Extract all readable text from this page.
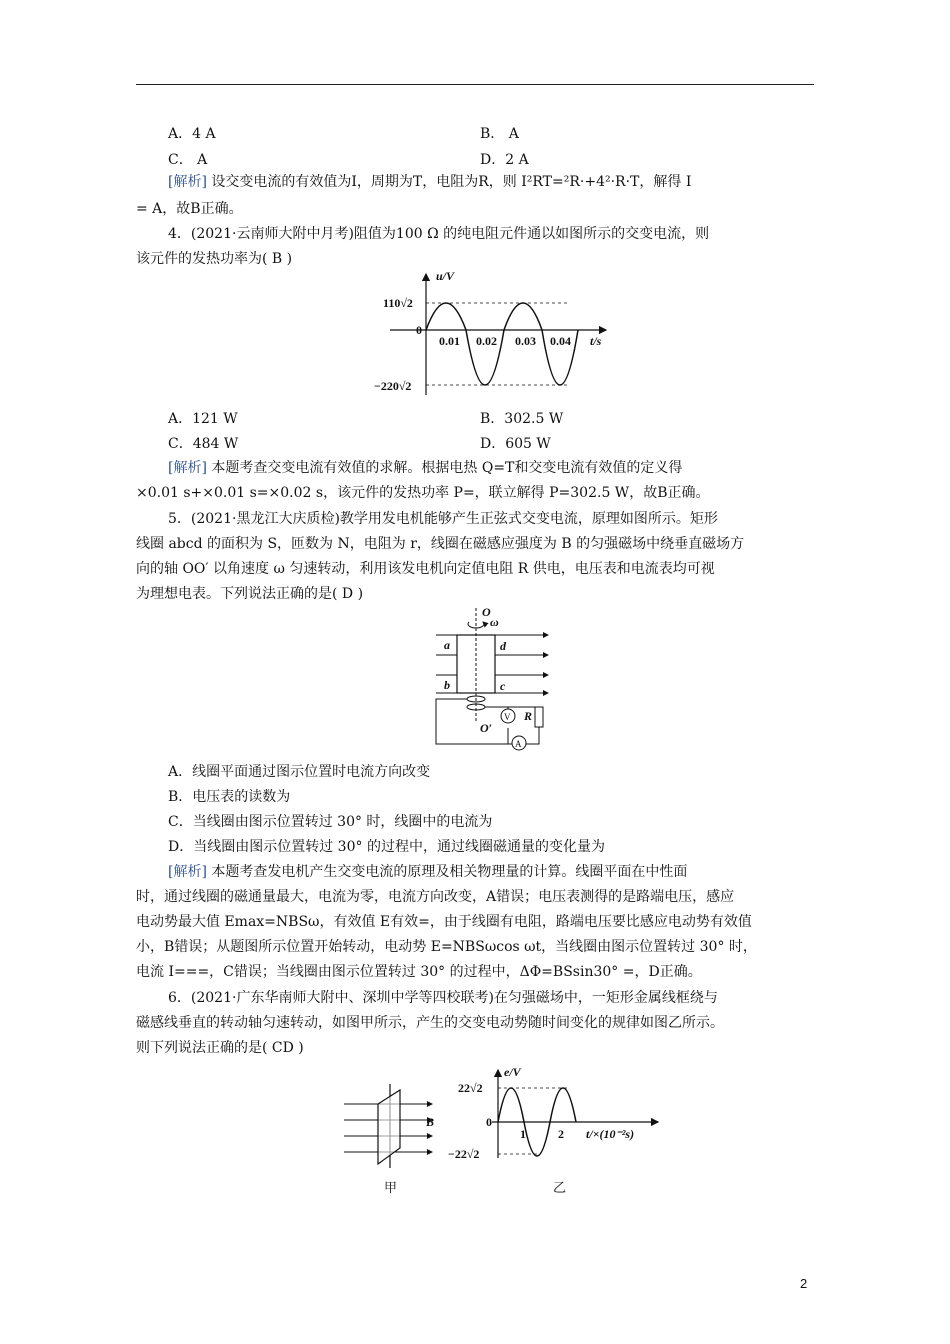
A．4 A	B． A
C． A	D．2 A
[解析] 设交变电流的有效值为I，周期为T，电阻为R，则 I²RT=²R·+4²·R·T，解得 I
= A，故B正确。
4．(2021·云南师大附中月考)阻值为100 Ω 的纯电阻元件通以如图所示的交变电流，则
该元件的发热功率为( B )
u/V
110√2
0
−220√2
0.01 0.02 0.03 0.04 t/s
A．121 W	B．302.5 W
C．484 W	D．605 W
[解析] 本题考查交变电流有效值的求解。根据电热 Q=T和交变电流有效值的定义得
×0.01 s+×0.01 s=×0.02 s，该元件的发热功率 P=，联立解得 P=302.5 W，故B正确。
5．(2021·黑龙江大庆质检)教学用发电机能够产生正弦式交变电流，原理如图所示。矩形
线圈 abcd 的面积为 S，匝数为 N，电阻为 r，线圈在磁感应强度为 B 的匀强磁场中绕垂直磁场方
向的轴 OO′ 以角速度 ω 匀速转动，利用该发电机向定值电阻 R 供电，电压表和电流表均可视
为理想电表。下列说法正确的是( D )
O
ω
a	d
b	c
O′
V
A
R
A．线圈平面通过图示位置时电流方向改变
B．电压表的读数为
C．当线圈由图示位置转过 30° 时，线圈中的电流为
D．当线圈由图示位置转过 30° 的过程中，通过线圈磁通量的变化量为
[解析] 本题考查发电机产生交变电流的原理及相关物理量的计算。线圈平面在中性面
时，通过线圈的磁通量最大，电流为零，电流方向改变，A错误；电压表测得的是路端电压，感应
电动势最大值 Emax=NBSω，有效值 E有效=，由于线圈有电阻，路端电压要比感应电动势有效值
小，B错误；从题图所示位置开始转动，电动势 E=NBSωcos ωt，当线圈由图示位置转过 30° 时，
电流 I===，C错误；当线圈由图示位置转过 30° 的过程中，ΔΦ=BSsin30° =，D正确。
6．(2021·广东华南师大附中、深圳中学等四校联考)在匀强磁场中，一矩形金属线框绕与
磁感线垂直的转动轴匀速转动，如图甲所示，产生的交变电动势随时间变化的规律如图乙所示。
则下列说法正确的是( CD )
B
甲
e/V
22√2
0
−22√2
1	2 t/×(10⁻²s)
乙
2
